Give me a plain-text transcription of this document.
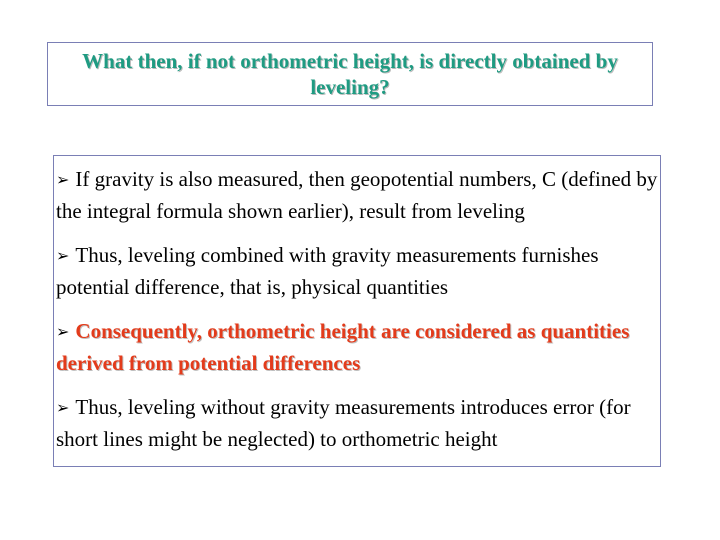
What then, if not orthometric height, is directly obtained by leveling?
➢ If gravity is also measured, then geopotential numbers, C (defined by the integral formula shown earlier), result from leveling
➢ Thus, leveling combined with gravity measurements furnishes potential difference, that is, physical quantities
➢ Consequently, orthometric height are considered as quantities derived from potential differences
➢ Thus, leveling without gravity measurements introduces error (for short lines might be neglected) to orthometric height
